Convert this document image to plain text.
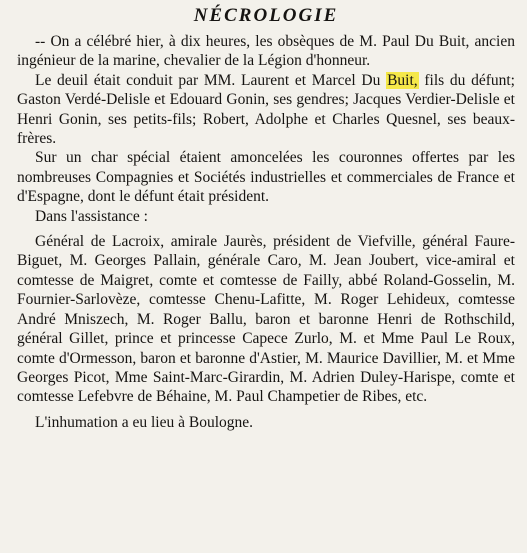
NÉCROLOGIE

-- On a célébré hier, à dix heures, les obsèques de M. Paul Du Buit, ancien ingénieur de la marine, chevalier de la Légion d'honneur.

Le deuil était conduit par MM. Laurent et Marcel Du Buit, fils du défunt; Gaston Verdé-Delisle et Edouard Gonin, ses gendres; Jacques Verdier-Delisle et Henri Gonin, ses petits-fils; Robert, Adolphe et Charles Quesnel, ses beaux-frères.

Sur un char spécial étaient amoncelées les couronnes offertes par les nombreuses Compagnies et Sociétés industrielles et commerciales de France et d'Espagne, dont le défunt était président.

Dans l'assistance :

Général de Lacroix, amirale Jaurès, président de Viefville, général Faure-Biguet, M. Georges Pallain, générale Caro, M. Jean Joubert, vice-amiral et comtesse de Maigret, comte et comtesse de Failly, abbé Roland-Gosselin, M. Fournier-Sarlovèze, comtesse Chenu-Lafitte, M. Roger Lehideux, comtesse André Mniszech, M. Roger Ballu, baron et baronne Henri de Rothschild, général Gillet, prince et princesse Capece Zurlo, M. et Mme Paul Le Roux, comte d'Ormesson, baron et baronne d'Astier, M. Maurice Davillier, M. et Mme Georges Picot, Mme Saint-Marc-Girardin, M. Adrien Duley-Harispe, comte et comtesse Lefebvre de Béhaine, M. Paul Champetier de Ribes, etc.

L'inhumation a eu lieu à Boulogne.
